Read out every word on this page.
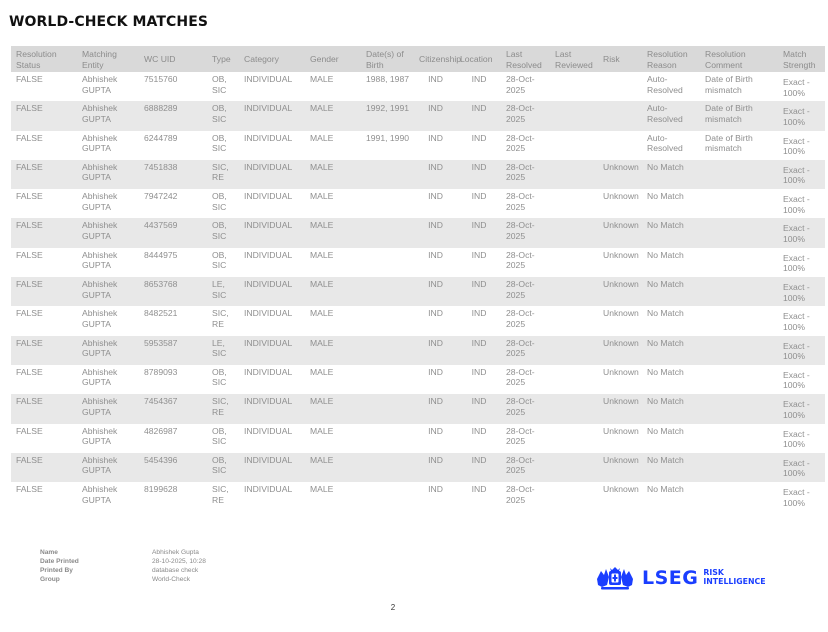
WORLD-CHECK MATCHES
Resolution Status	Matching Entity	WC UID	Type	Category	Gender	Date(s) of Birth	Citizenship	Location	Last Resolved	Last Reviewed	Risk	Resolution Reason	Resolution Comment	Match Strength
FALSE	Abhishek GUPTA	7515760	OB, SIC	INDIVIDUAL	MALE	1988, 1987	IND	IND	28-Oct-2025			Auto-Resolved	Date of Birth mismatch	Exact - 100%
FALSE	Abhishek GUPTA	6888289	OB, SIC	INDIVIDUAL	MALE	1992, 1991	IND	IND	28-Oct-2025			Auto-Resolved	Date of Birth mismatch	Exact - 100%
FALSE	Abhishek GUPTA	6244789	OB, SIC	INDIVIDUAL	MALE	1991, 1990	IND	IND	28-Oct-2025			Auto-Resolved	Date of Birth mismatch	Exact - 100%
FALSE	Abhishek GUPTA	7451838	SIC, RE	INDIVIDUAL	MALE		IND	IND	28-Oct-2025		Unknown	No Match		Exact - 100%
FALSE	Abhishek GUPTA	7947242	OB, SIC	INDIVIDUAL	MALE		IND	IND	28-Oct-2025		Unknown	No Match		Exact - 100%
FALSE	Abhishek GUPTA	4437569	OB, SIC	INDIVIDUAL	MALE		IND	IND	28-Oct-2025		Unknown	No Match		Exact - 100%
FALSE	Abhishek GUPTA	8444975	OB, SIC	INDIVIDUAL	MALE		IND	IND	28-Oct-2025		Unknown	No Match		Exact - 100%
FALSE	Abhishek GUPTA	8653768	LE, SIC	INDIVIDUAL	MALE		IND	IND	28-Oct-2025		Unknown	No Match		Exact - 100%
FALSE	Abhishek GUPTA	8482521	SIC, RE	INDIVIDUAL	MALE		IND	IND	28-Oct-2025		Unknown	No Match		Exact - 100%
FALSE	Abhishek GUPTA	5953587	LE, SIC	INDIVIDUAL	MALE		IND	IND	28-Oct-2025		Unknown	No Match		Exact - 100%
FALSE	Abhishek GUPTA	8789093	OB, SIC	INDIVIDUAL	MALE		IND	IND	28-Oct-2025		Unknown	No Match		Exact - 100%
FALSE	Abhishek GUPTA	7454367	SIC, RE	INDIVIDUAL	MALE		IND	IND	28-Oct-2025		Unknown	No Match		Exact - 100%
FALSE	Abhishek GUPTA	4826987	OB, SIC	INDIVIDUAL	MALE		IND	IND	28-Oct-2025		Unknown	No Match		Exact - 100%
FALSE	Abhishek GUPTA	5454396	OB, SIC	INDIVIDUAL	MALE		IND	IND	28-Oct-2025		Unknown	No Match		Exact - 100%
FALSE	Abhishek GUPTA	8199628	SIC, RE	INDIVIDUAL	MALE		IND	IND	28-Oct-2025		Unknown	No Match		Exact - 100%
Name
Date Printed
Printed By
Group
Abhishek Gupta
28-10-2025, 10:28
database check
World-Check	LSEG RISK
INTELLIGENCE
2
